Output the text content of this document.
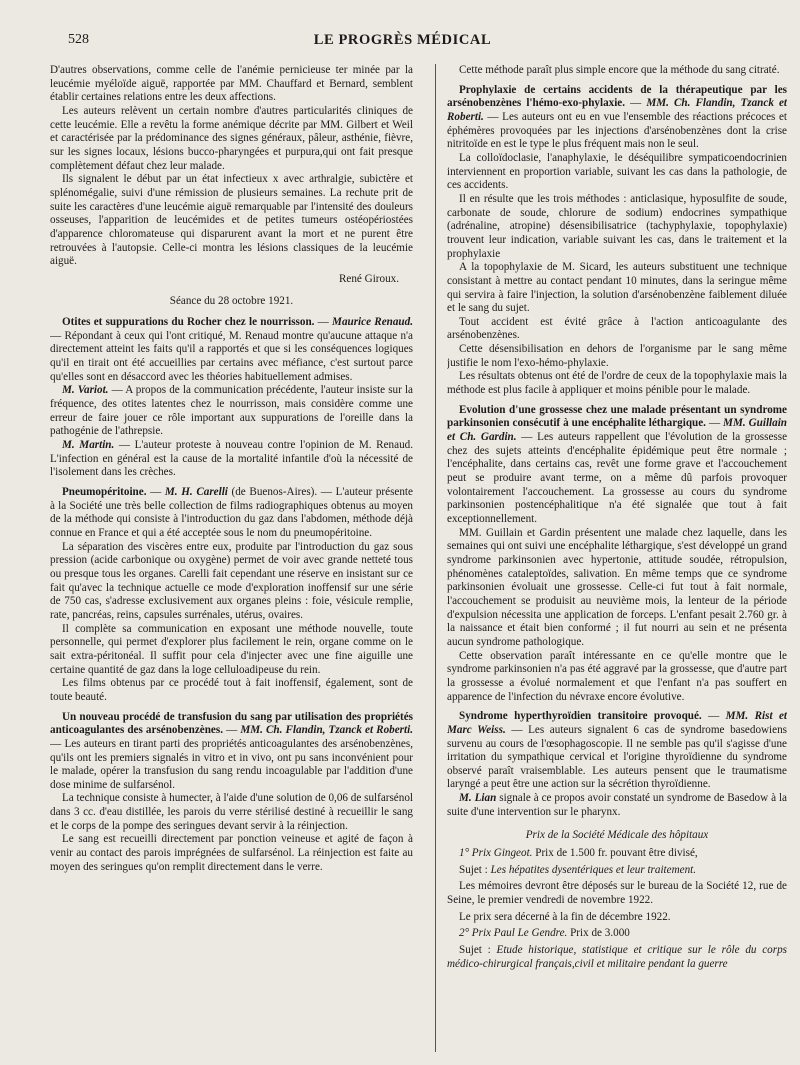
528	LE PROGRÈS MÉDICAL

D'autres observations, comme celle de l'anémie pernicieuse ter minée par la leucémie myéloïde aiguë, rapportée par MM. Chauffard et Bernard, semblent établir certaines relations entre les deux affections.

Les auteurs relèvent un certain nombre d'autres particularités cliniques de cette leucémie. Elle a revêtu la forme anémique décrite par MM. Gilbert et Weil et caractérisée par la prédominance des signes généraux, pâleur, asthénie, fièvre, sur les signes locaux, lésions bucco-pharyngées et purpura,qui ont fait presque complètement défaut chez leur malade.

Ils signalent le début par un état infectieux x avec arthralgie, subictère et splénomégalie, suivi d'une rémission de plusieurs semaines. La rechute prit de suite les caractères d'une leucémie aiguë remarquable par l'intensité des douleurs osseuses, l'apparition de leucémides et de petites tumeurs ostéopériostées d'apparence chloromateuse qui disparurent avant la mort et ne purent être retrouvées à l'autopsie. Celle-ci montra les lésions classiques de la leucémie aiguë.

René Giroux.

Séance du 28 octobre 1921.

Otites et suppurations du Rocher chez le nourrisson. — Maurice Renaud. — Répondant à ceux qui l'ont critiqué, M. Renaud montre qu'aucune attaque n'a directement atteint les faits qu'il a rapportés et que si les conséquences logiques qu'il en tirait ont été accueillies par certains avec méfiance, c'est surtout parce qu'elles sont en désaccord avec les théories habituellement admises.

M. Variot. — A propos de la communication précédente, l'auteur insiste sur la fréquence, des otites latentes chez le nourrisson, mais considère comme une erreur de faire jouer ce rôle important aux suppurations de l'oreille dans la pathogénie de l'athrepsie.

M. Martin. — L'auteur proteste à nouveau contre l'opinion de M. Renaud. L'infection en général est la cause de la mortalité infantile d'où la nécessité de l'isolement dans les crèches.

Pneumopéritoine. — M. H. Carelli (de Buenos-Aires). — L'auteur présente à la Société une très belle collection de films radiographiques obtenus au moyen de la méthode qui consiste à l'introduction du gaz dans l'abdomen, méthode déjà connue en France et qui a été acceptée sous le nom du pneumopéritoine.

La séparation des viscères entre eux, produite par l'introduction du gaz sous pression (acide carbonique ou oxygène) permet de voir avec grande netteté tous ou presque tous les organes. Carelli fait cependant une réserve en insistant sur ce fait qu'avec la technique actuelle ce mode d'exploration inoffensif sur une série de 750 cas, s'adresse exclusivement aux organes pleins : foie, vésicule remplie, rate, pancréas, reins, capsules surrénales, utérus, ovaires.

Il complète sa communication en exposant une méthode nouvelle, toute personnelle, qui permet d'explorer plus facilement le rein, organe comme on le sait extra-péritonéal. Il suffit pour cela d'injecter avec une fine aiguille une certaine quantité de gaz dans la loge celluloadipeuse du rein.

Les films obtenus par ce procédé tout à fait inoffensif, également, sont de toute beauté.

Un nouveau procédé de transfusion du sang par utilisation des propriétés anticoagulantes des arsénobenzènes. — MM. Ch. Flandin, Tzanck et Roberti. — Les auteurs en tirant parti des propriétés anticoagulantes des arsénobenzènes, qu'ils ont les premiers signalés in vitro et in vivo, ont pu sans inconvénient pour le malade, opérer la transfusion du sang rendu incoagulable par l'addition d'une dose minime de sulfarsénol.

La technique consiste à humecter, à l'aide d'une solution de 0,06 de sulfarsénol dans 3 cc. d'eau distillée, les parois du verre stérilisé destiné à recueillir le sang et le corps de la pompe des seringues devant servir à la réinjection.

Le sang est recueilli directement par ponction veineuse et agité de façon à venir au contact des parois imprégnées de sulfarsénol. La réinjection est faite au moyen des seringues qu'on remplit directement dans le verre.

Cette méthode paraît plus simple encore que la méthode du sang citraté.

Prophylaxie de certains accidents de la thérapeutique par les arsénobenzènes l'hémo-exo-phylaxie. — MM. Ch. Flandin, Tzanck et Roberti. — Les auteurs ont eu en vue l'ensemble des réactions précoces et éphémères provoquées par les injections d'arsénobenzènes dont la crise nitritoïde en est le type le plus fréquent mais non le seul.

La colloïdoclasie, l'anaphylaxie, le déséquilibre sympaticoendocrinien interviennent en proportion variable, suivant les cas dans la pathologie, de ces accidents.

Il en résulte que les trois méthodes : anticlasique, hyposulfite de soude, carbonate de soude, chlorure de sodium) endocrines sympathique (adrénaline, atropine) désensibilisatrice (tachyphylaxie, topophylaxie) trouvent leur indication, variable suivant les cas, dans le traitement et la prophylaxie

A la topophylaxie de M. Sicard, les auteurs substituent une technique consistant à mettre au contact pendant 10 minutes, dans la seringue même qui servira à faire l'injection, la solution d'arsénobenzène faiblement diluée et le sang du sujet.

Tout accident est évité grâce à l'action anticoagulante des arsénobenzènes.

Cette désensibilisation en dehors de l'organisme par le sang même justifie le nom l'exo-hémo-phylaxie.

Les résultats obtenus ont été de l'ordre de ceux de la topophylaxie mais la méthode est plus facile à appliquer et moins pénible pour le malade.

Evolution d'une grossesse chez une malade présentant un syndrome parkinsonien consécutif à une encéphalite léthargique. — MM. Guillain et Ch. Gardin. — Les auteurs rappellent que l'évolution de la grossesse chez des sujets atteints d'encéphalite épidémique peut être normale ; l'encéphalite, dans certains cas, revêt une forme grave et l'accouchement peut se produire avant terme, on a même dû parfois provoquer volontairement l'accouchement. La grossesse au cours du syndrome parkinsonien postencéphalitique n'a été signalée que tout à fait exceptionnellement.

MM. Guillain et Gardin présentent une malade chez laquelle, dans les semaines qui ont suivi une encéphalite léthargique, s'est développé un grand syndrome parkinsonien avec hypertonie, attitude soudée, rétropulsion, phénomènes cataleptoïdes, salivation. En même temps que ce syndrome parkinsonien évoluait une grossesse. Celle-ci fut tout à fait normale, l'accouchement se produisit au neuvième mois, la lenteur de la période d'expulsion nécessita une application de forceps. L'enfant pesait 2.760 gr. à la naissance et était bien conformé ; il fut nourri au sein et ne présenta aucun syndrome pathologique.

Cette observation paraît intéressante en ce qu'elle montre que le syndrome parkinsonien n'a pas été aggravé par la grossesse, que d'autre part la grossesse a évolué normalement et que l'enfant n'a pas souffert en apparence de l'infection du névraxe encore évolutive.

Syndrome hyperthyroïdien transitoire provoqué. — MM. Rist et Marc Weiss. — Les auteurs signalent 6 cas de syndrome basedowiens survenu au cours de l'œsophagoscopie. Il ne semble pas qu'il s'agisse d'une irritation du sympathique cervical et l'origine thyroïdienne du syndrome observé paraît vraisemblable. Les auteurs pensent que le traumatisme laryngé a peut être une action sur la sécrétion thyroïdienne.

M. Lian signale à ce propos avoir constaté un syndrome de Basedow à la suite d'une intervention sur le pharynx.

Prix de la Société Médicale des hôpitaux

1° Prix Gingeot. Prix de 1.500 fr. pouvant être divisé,

Sujet : Les hépatites dysentériques et leur traitement.

Les mémoires devront être déposés sur le bureau de la Société 12, rue de Seine, le premier vendredi de novembre 1922.

Le prix sera décerné à la fin de décembre 1922.

2° Prix Paul Le Gendre. Prix de 3.000

Sujet : Etude historique, statistique et critique sur le rôle du corps médico-chirurgical français,civil et militaire pendant la guerre
